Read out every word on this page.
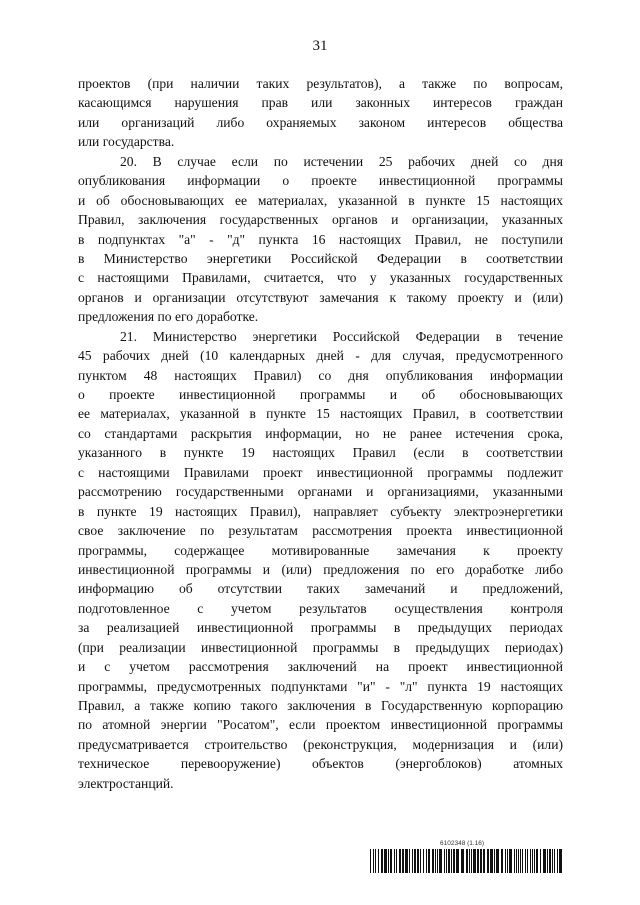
31
проектов (при наличии таких результатов), а также по вопросам,
касающимся нарушения прав или законных интересов граждан
или организаций либо охраняемых законом интересов общества
или государства.
20. В случае если по истечении 25 рабочих дней со дня
опубликования информации о проекте инвестиционной программы
и об обосновывающих ее материалах, указанной в пункте 15 настоящих
Правил, заключения государственных органов и организации, указанных
в подпунктах "а" - "д" пункта 16 настоящих Правил, не поступили
в Министерство энергетики Российской Федерации в соответствии
с настоящими Правилами, считается, что у указанных государственных
органов и организации отсутствуют замечания к такому проекту и (или)
предложения по его доработке.
21. Министерство энергетики Российской Федерации в течение
45 рабочих дней (10 календарных дней - для случая, предусмотренного
пунктом 48 настоящих Правил) со дня опубликования информации
о проекте инвестиционной программы и об обосновывающих
ее материалах, указанной в пункте 15 настоящих Правил, в соответствии
со стандартами раскрытия информации, но не ранее истечения срока,
указанного в пункте 19 настоящих Правил (если в соответствии
с настоящими Правилами проект инвестиционной программы подлежит
рассмотрению государственными органами и организациями, указанными
в пункте 19 настоящих Правил), направляет субъекту электроэнергетики
свое заключение по результатам рассмотрения проекта инвестиционной
программы, содержащее мотивированные замечания к проекту
инвестиционной программы и (или) предложения по его доработке либо
информацию об отсутствии таких замечаний и предложений,
подготовленное с учетом результатов осуществления контроля
за реализацией инвестиционной программы в предыдущих периодах
(при реализации инвестиционной программы в предыдущих периодах)
и с учетом рассмотрения заключений на проект инвестиционной
программы, предусмотренных подпунктами "и" - "л" пункта 19 настоящих
Правил, а также копию такого заключения в Государственную корпорацию
по атомной энергии "Росатом", если проектом инвестиционной программы
предусматривается строительство (реконструкция, модернизация и (или)
техническое перевооружение) объектов (энергоблоков) атомных
электростанций.
6102348 (1.16)
